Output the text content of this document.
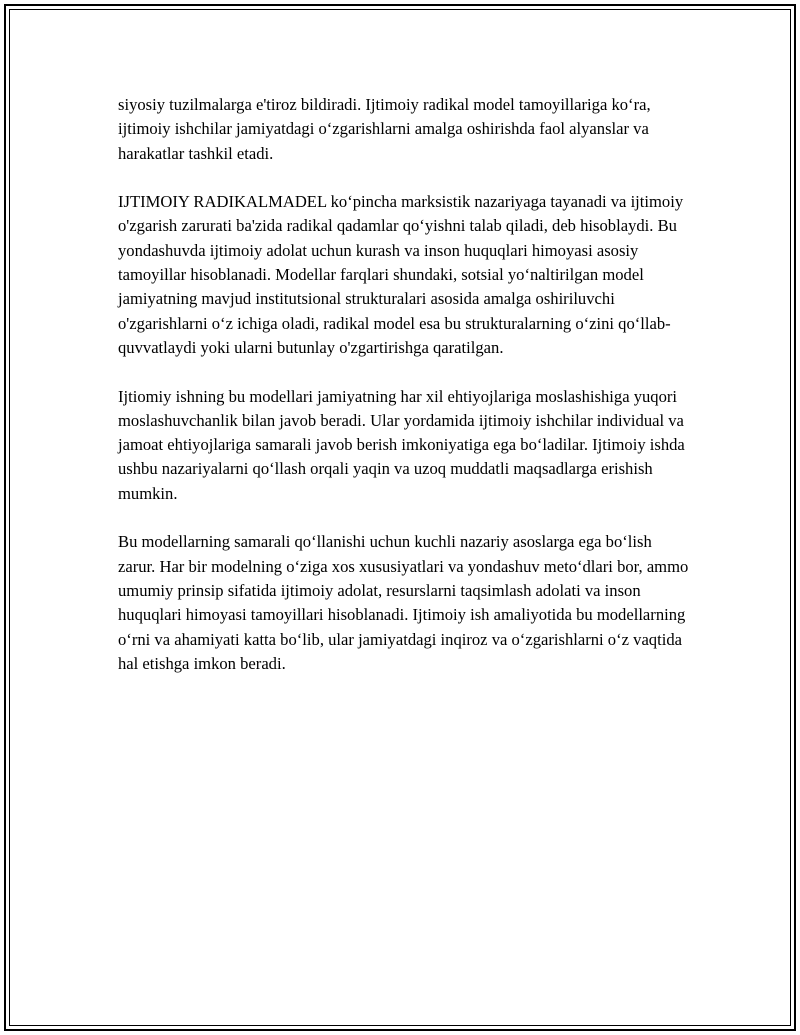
siyosiy tuzilmalarga e'tiroz bildiradi. Ijtimoiy radikal model tamoyillariga ko‘ra, ijtimoiy ishchilar jamiyatdagi o‘zgarishlarni amalga oshirishda faol alyanslar va harakatlar tashkil etadi.

IJTIMOIY RADIKALMADEL ko‘pincha marksistik nazariyaga tayanadi va ijtimoiy o'zgarish zarurati ba'zida radikal qadamlar qo‘yishni talab qiladi, deb hisoblaydi. Bu yondashuvda ijtimoiy adolat uchun kurash va inson huquqlari himoyasi asosiy tamoyillar hisoblanadi. Modellar farqlari shundaki, sotsial yo‘naltirilgan model jamiyatning mavjud institutsional strukturalari asosida amalga oshiriluvchi o'zgarishlarni o‘z ichiga oladi, radikal model esa bu strukturalarning o‘zini qo‘llab-quvvatlaydi yoki ularni butunlay o'zgartirishga qaratilgan.

Ijtiomiy ishning bu modellari jamiyatning har xil ehtiyojlariga moslashishiga yuqori moslashuvchanlik bilan javob beradi. Ular yordamida ijtimoiy ishchilar individual va jamoat ehtiyojlariga samarali javob berish imkoniyatiga ega bo‘ladilar. Ijtimoiy ishda ushbu nazariyalarni qo‘llash orqali yaqin va uzoq muddatli maqsadlarga erishish mumkin.

Bu modellarning samarali qo‘llanishi uchun kuchli nazariy asoslarga ega bo‘lish zarur. Har bir modelning o‘ziga xos xususiyatlari va yondashuv meto‘dlari bor, ammo umumiy prinsip sifatida ijtimoiy adolat, resurslarni taqsimlash adolati va inson huquqlari himoyasi tamoyillari hisoblanadi. Ijtimoiy ish amaliyotida bu modellarning o‘rni va ahamiyati katta bo‘lib, ular jamiyatdagi inqiroz va o‘zgarishlarni o‘z vaqtida hal etishga imkon beradi.
